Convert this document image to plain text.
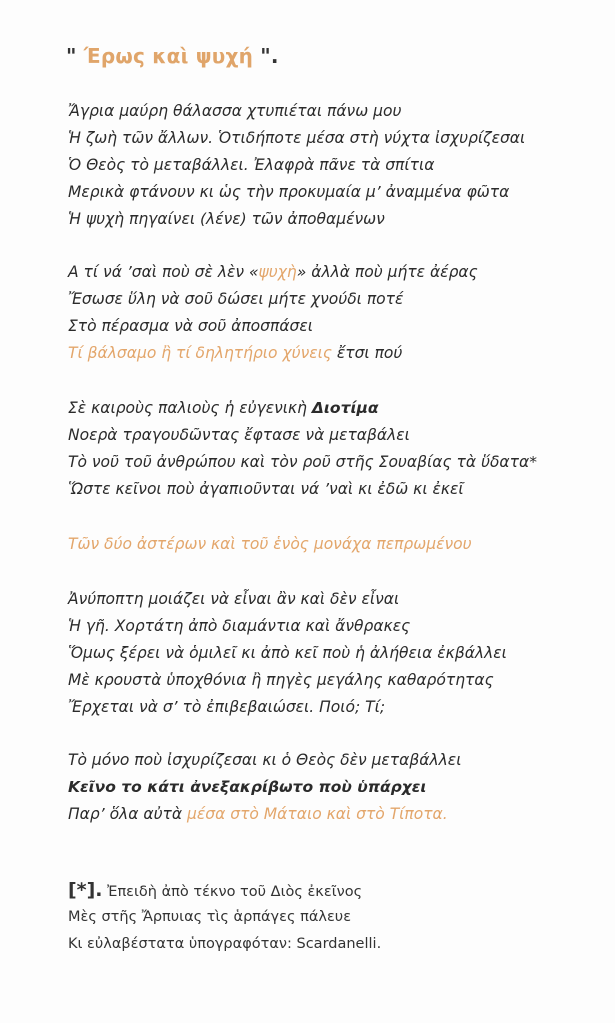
" Έρως καὶ ψυχή ".
Ἄγρια μαύρη θάλασσα χτυπιέται πάνω μου
Ἡ ζωὴ τῶν ἄλλων. Ὁτιδήποτε μέσα στὴ νύχτα ἰσχυρίζεσαι
Ὁ Θεὸς τὸ μεταβάλλει. Ἐλαφρὰ πᾶνε τὰ σπίτια
Μερικὰ φτάνουν κι ὡς τὴν προκυμαία μ’ ἀναμμένα φῶτα
Ἡ ψυχὴ πηγαίνει (λένε) τῶν ἀποθαμένων
Α τί νά ’σαὶ ποὺ σὲ λὲν «ψυχὴ» ἀλλὰ ποὺ μήτε ἀέρας
Ἔσωσε ὕλη νὰ σοῦ δώσει μήτε χνούδι ποτέ
Στὸ πέρασμα νὰ σοῦ ἀποσπάσει
Τί βάλσαμο ἢ τί δηλητήριο χύνεις ἔτσι πού
Σὲ καιροὺς παλιοὺς ἡ εὐγενικὴ Διοτίμα
Νοερὰ τραγουδῶντας ἔφτασε νὰ μεταβάλει
Τὸ νοῦ τοῦ ἀνθρώπου καὶ τὸν ροῦ στῆς Σουαβίας τὰ ὕδατα*
Ὥστε κεῖνοι ποὺ ἀγαπιοῦνται νά ’ναὶ κι ἐδῶ κι ἐκεῖ
Τῶν δύο ἀστέρων καὶ τοῦ ἑνὸς μονάχα πεπρωμένου
Ἀνύποπτη μοιάζει νὰ εἶναι ἂν καὶ δὲν εἶναι
Ἡ γῆ. Χορτάτη ἀπὸ διαμάντια καὶ ἄνθρακες
Ὅμως ξέρει νὰ ὁμιλεῖ κι ἀπὸ κεῖ ποὺ ἡ ἀλήθεια ἐκβάλλει
Μὲ κρουστὰ ὑποχθόνια ἢ πηγὲς μεγάλης καθαρότητας
Ἔρχεται νὰ σ’ τὸ ἐπιβεβαιώσει. Ποιό; Τί;
Τὸ μόνο ποὺ ἰσχυρίζεσαι κι ὁ Θεὸς δὲν μεταβάλλει
Κεῖνο το κάτι ἀνεξακρίβωτο ποὺ ὑπάρχει
Παρ’ ὅλα αὐτὰ μέσα στὸ Μάταιο καὶ στὸ Τίποτα.
[*]. Ἐπειδὴ ἀπὸ τέκνο τοῦ Διὸς ἐκεῖνος
Μὲς στῆς Ἄρπυιας τὶς ἁρπάγες πάλευε
Κι εὐλαβέστατα ὑπογραφόταν: Scardanelli.
